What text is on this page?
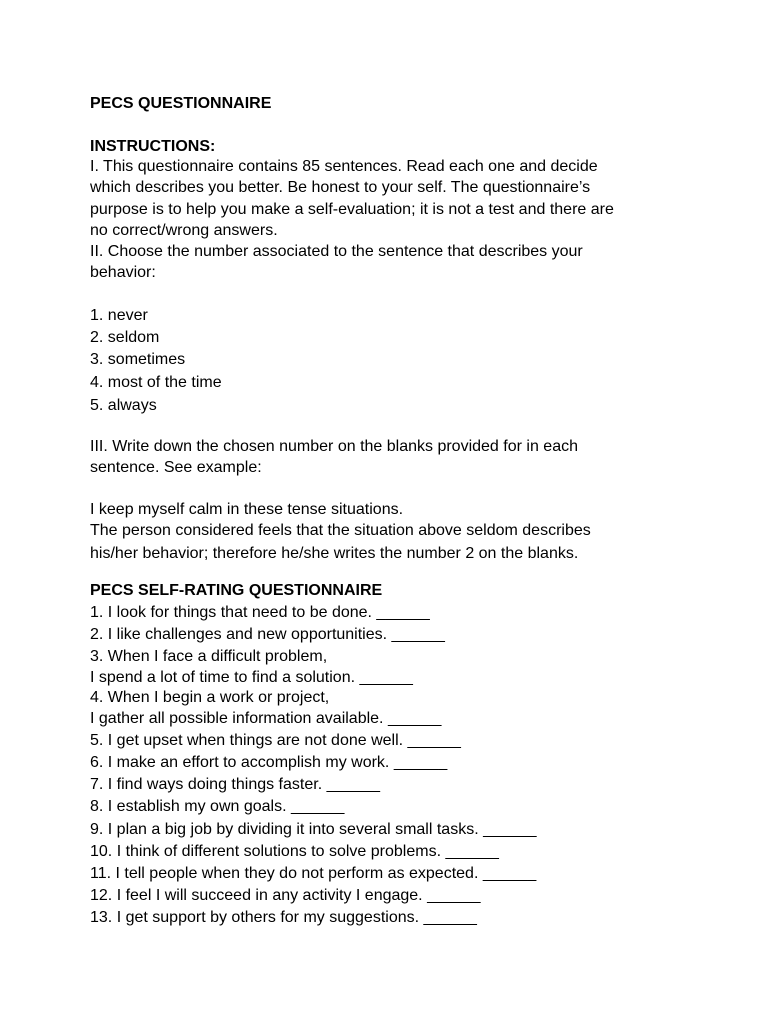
PECS QUESTIONNAIRE
INSTRUCTIONS:
I. This questionnaire contains 85 sentences. Read each one and decide
which describes you better. Be honest to your self. The questionnaire’s
purpose is to help you make a self-evaluation; it is not a test and there are
no correct/wrong answers.
II. Choose the number associated to the sentence that describes your
behavior:
1. never
2. seldom
3. sometimes
4. most of the time
5. always
III. Write down the chosen number on the blanks provided for in each
sentence. See example:
I keep myself calm in these tense situations.
The person considered feels that the situation above seldom describes
his/her behavior; therefore he/she writes the number 2 on the blanks.
PECS SELF-RATING QUESTIONNAIRE
1. I look for things that need to be done. ______
2. I like challenges and new opportunities. ______
3. When I face a difficult problem,
I spend a lot of time to find a solution. ______
4. When I begin a work or project,
I gather all possible information available. ______
5. I get upset when things are not done well. ______
6. I make an effort to accomplish my work. ______
7. I find ways doing things faster. ______
8. I establish my own goals. ______
9. I plan a big job by dividing it into several small tasks. ______
10. I think of different solutions to solve problems. ______
11. I tell people when they do not perform as expected. ______
12. I feel I will succeed in any activity I engage. ______
13. I get support by others for my suggestions. ______
